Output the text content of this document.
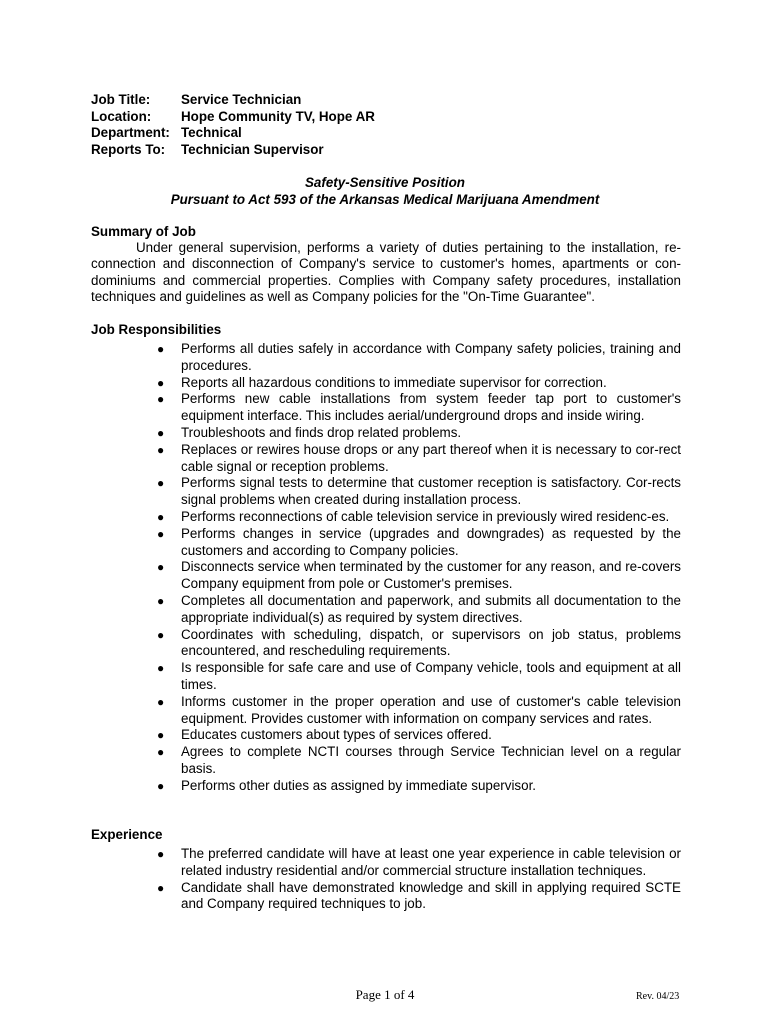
Job Title:	Service Technician
Location:	Hope Community TV, Hope AR
Department: Technical
Reports To:	Technician Supervisor
Safety-Sensitive Position
Pursuant to Act 593 of the Arkansas Medical Marijuana Amendment
Summary of Job
Under general supervision, performs a variety of duties pertaining to the installation, re-connection and disconnection of Company's service to customer's homes, apartments or con-dominiums and commercial properties. Complies with Company safety procedures, installation techniques and guidelines as well as Company policies for the "On-Time Guarantee".
Job Responsibilities
● Performs all duties safely in accordance with Company safety policies, training and procedures.
● Reports all hazardous conditions to immediate supervisor for correction.
● Performs new cable installations from system feeder tap port to customer's equipment interface. This includes aerial/underground drops and inside wiring.
● Troubleshoots and finds drop related problems.
● Replaces or rewires house drops or any part thereof when it is necessary to cor-rect cable signal or reception problems.
● Performs signal tests to determine that customer reception is satisfactory. Cor-rects signal problems when created during installation process.
● Performs reconnections of cable television service in previously wired residenc-es.
● Performs changes in service (upgrades and downgrades) as requested by the customers and according to Company policies.
● Disconnects service when terminated by the customer for any reason, and re-covers Company equipment from pole or Customer's premises.
● Completes all documentation and paperwork, and submits all documentation to the appropriate individual(s) as required by system directives.
● Coordinates with scheduling, dispatch, or supervisors on job status, problems encountered, and rescheduling requirements.
● Is responsible for safe care and use of Company vehicle, tools and equipment at all times.
● Informs customer in the proper operation and use of customer's cable television equipment. Provides customer with information on company services and rates.
● Educates customers about types of services offered.
● Agrees to complete NCTI courses through Service Technician level on a regular basis.
● Performs other duties as assigned by immediate supervisor.
Experience
● The preferred candidate will have at least one year experience in cable television or related industry residential and/or commercial structure installation techniques.
● Candidate shall have demonstrated knowledge and skill in applying required SCTE and Company required techniques to job.
Page 1 of 4	Rev. 04/23
